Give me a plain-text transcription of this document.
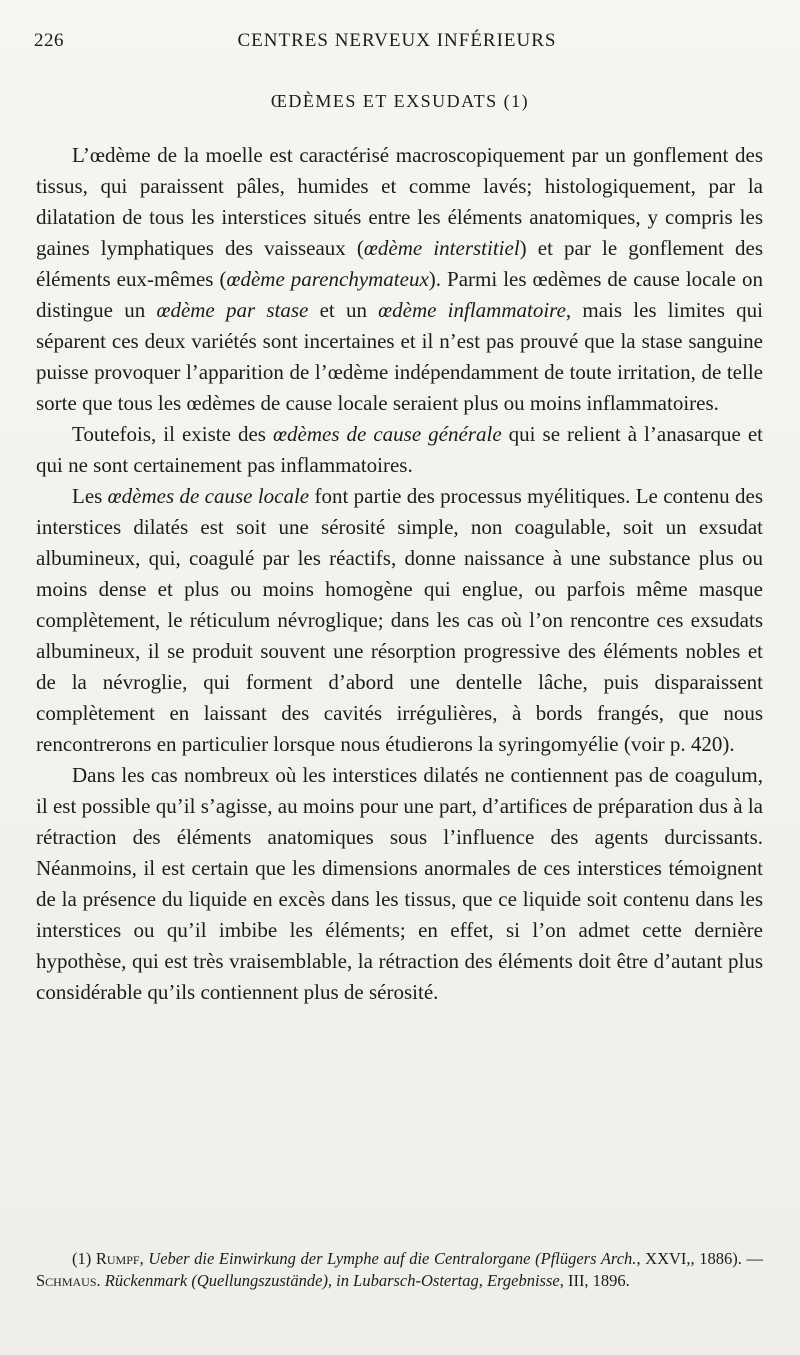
226	CENTRES NERVEUX INFÉRIEURS
ŒDÈMES ET EXSUDATS (1)

L’œdème de la moelle est caractérisé macroscopiquement par un gonflement des tissus, qui paraissent pâles, humides et comme lavés; histologiquement, par la dilatation de tous les interstices situés entre les éléments anatomiques, y compris les gaines lymphatiques des vaisseaux (œdème interstitiel) et par le gonflement des éléments eux-mêmes (œdème parenchymateux). Parmi les œdèmes de cause locale on distingue un œdème par stase et un œdème inflammatoire, mais les limites qui séparent ces deux variétés sont incertaines et il n’est pas prouvé que la stase sanguine puisse provoquer l’apparition de l’œdème indépendamment de toute irritation, de telle sorte que tous les œdèmes de cause locale seraient plus ou moins inflammatoires.

Toutefois, il existe des œdèmes de cause générale qui se relient à l’anasarque et qui ne sont certainement pas inflammatoires.

Les œdèmes de cause locale font partie des processus myélitiques. Le contenu des interstices dilatés est soit une sérosité simple, non coagulable, soit un exsudat albumineux, qui, coagulé par les réactifs, donne naissance à une substance plus ou moins dense et plus ou moins homogène qui englue, ou parfois même masque complètement, le réticulum névroglique; dans les cas où l’on rencontre ces exsudats albumineux, il se produit souvent une résorption progressive des éléments nobles et de la névroglie, qui forment d’abord une dentelle lâche, puis disparaissent complètement en laissant des cavités irrégulières, à bords frangés, que nous rencontrerons en particulier lorsque nous étudierons la syringomyélie (voir p. 420).

Dans les cas nombreux où les interstices dilatés ne contiennent pas de coagulum, il est possible qu’il s’agisse, au moins pour une part, d’artifices de préparation dus à la rétraction des éléments anatomiques sous l’influence des agents durcissants. Néanmoins, il est certain que les dimensions anormales de ces interstices témoignent de la présence du liquide en excès dans les tissus, que ce liquide soit contenu dans les interstices ou qu’il imbibe les éléments; en effet, si l’on admet cette dernière hypothèse, qui est très vraisemblable, la rétraction des éléments doit être d’autant plus considérable qu’ils contiennent plus de sérosité.

(1) Rumpf, Ueber die Einwirkung der Lymphe auf die Centralorgane (Pflügers Arch., XXVI,, 1886). — Schmaus. Rückenmark (Quellungszustände), in Lubarsch-Ostertag, Ergebnisse, III, 1896.
